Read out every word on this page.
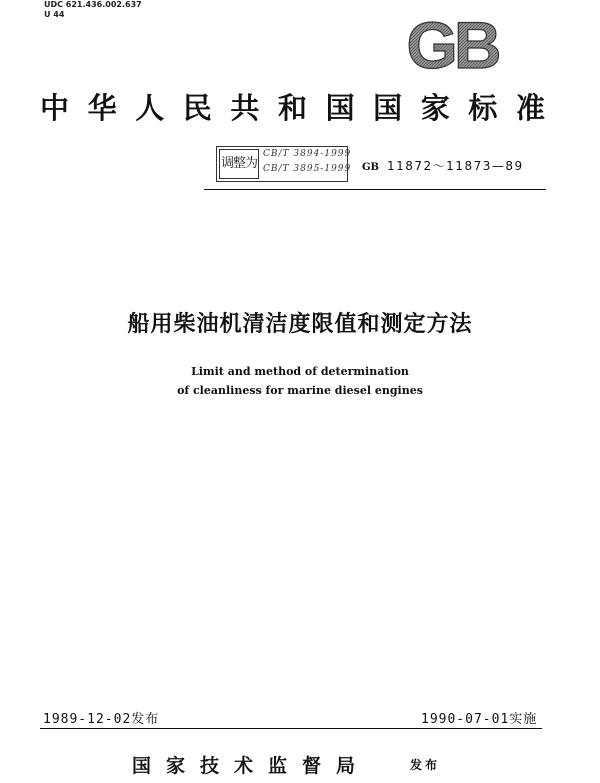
UDC 621.436.002.637
U 44	GB
中 华 人 民 共 和 国 国 家 标 准
调整为
CB/T 3894-1999
CB/T 3895-1999 GB 11872～11873—89
船用柴油机清洁度限值和测定方法
Limit and method of determination
of cleanliness for marine diesel engines
1989-12-02发布	1990-07-01实施
国家技术监督局	发布
